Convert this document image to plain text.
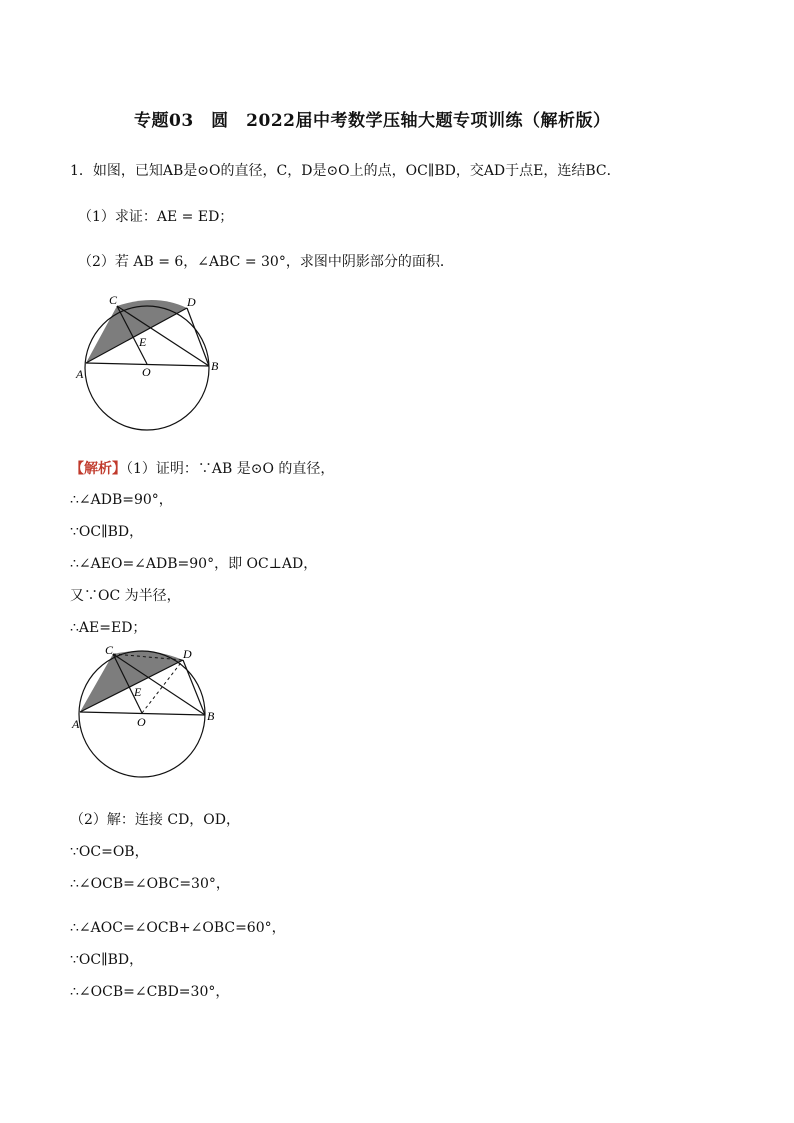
专题03　圆　2022届中考数学压轴大题专项训练（解析版）
1．如图，已知AB是⊙O的直径，C，D是⊙O上的点，OC∥BD，交AD于点E，连结BC．
（1）求证：AE = ED；
（2）若 AB = 6，∠ABC = 30°，求图中阴影部分的面积．
C	D
E
A	O	B
【解析】（1）证明：∵AB 是⊙O 的直径，
∴∠ADB=90°，
∵OC∥BD，
∴∠AEO=∠ADB=90°，即 OC⊥AD，
又∵OC 为半径，
∴AE=ED；
C	D
E
A	O	B
（2）解：连接 CD，OD，
∵OC=OB，
∴∠OCB=∠OBC=30°，
∴∠AOC=∠OCB+∠OBC=60°，
∵OC∥BD，
∴∠OCB=∠CBD=30°，
